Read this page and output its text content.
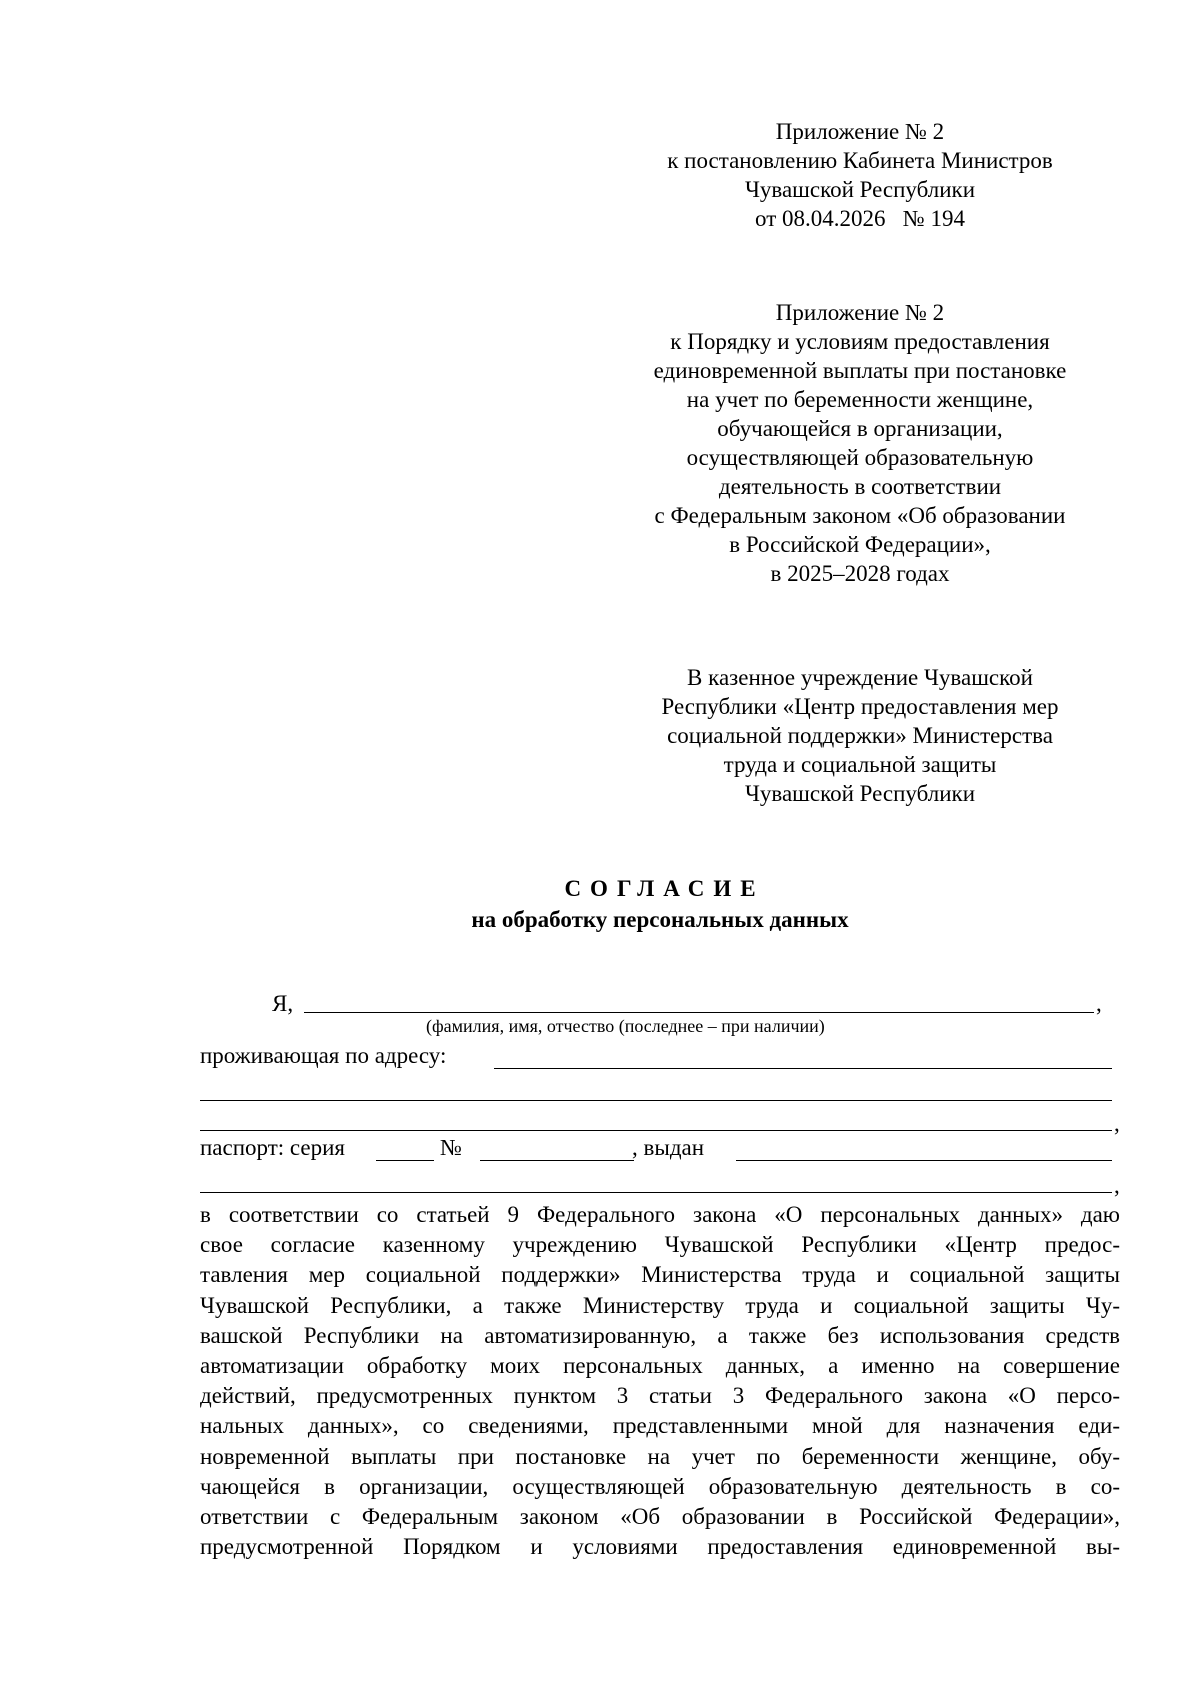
Приложение № 2
к постановлению Кабинета Министров
Чувашской Республики
от 08.04.2026   № 194
Приложение № 2
к Порядку и условиям предоставления
единовременной выплаты при постановке
на учет по беременности женщине,
обучающейся в организации,
осуществляющей образовательную
деятельность в соответствии
с Федеральным законом «Об образовании
в Российской Федерации»,
в 2025–2028 годах
В казенное учреждение Чувашской
Республики «Центр предоставления мер
социальной поддержки» Министерства
труда и социальной защиты
Чувашской Республики
СОГЛАСИЕ
на обработку персональных данных
Я,	,
(фамилия, имя, отчество (последнее – при наличии)
проживающая по адресу:
,
паспорт: серия	№	, выдан
,
в соответствии со статьей 9 Федерального закона «О персональных данных» даю
свое согласие казенному учреждению Чувашской Республики «Центр предос-
тавления мер социальной поддержки» Министерства труда и социальной защиты
Чувашской Республики, а также Министерству труда и социальной защиты Чу-
вашской Республики на автоматизированную, а также без использования средств
автоматизации обработку моих персональных данных, а именно на совершение
действий, предусмотренных пунктом 3 статьи 3 Федерального закона «О персо-
нальных данных», со сведениями, представленными мной для назначения еди-
новременной выплаты при постановке на учет по беременности женщине, обу-
чающейся в организации, осуществляющей образовательную деятельность в со-
ответствии с Федеральным законом «Об образовании в Российской Федерации»,
предусмотренной Порядком и условиями предоставления единовременной вы-
